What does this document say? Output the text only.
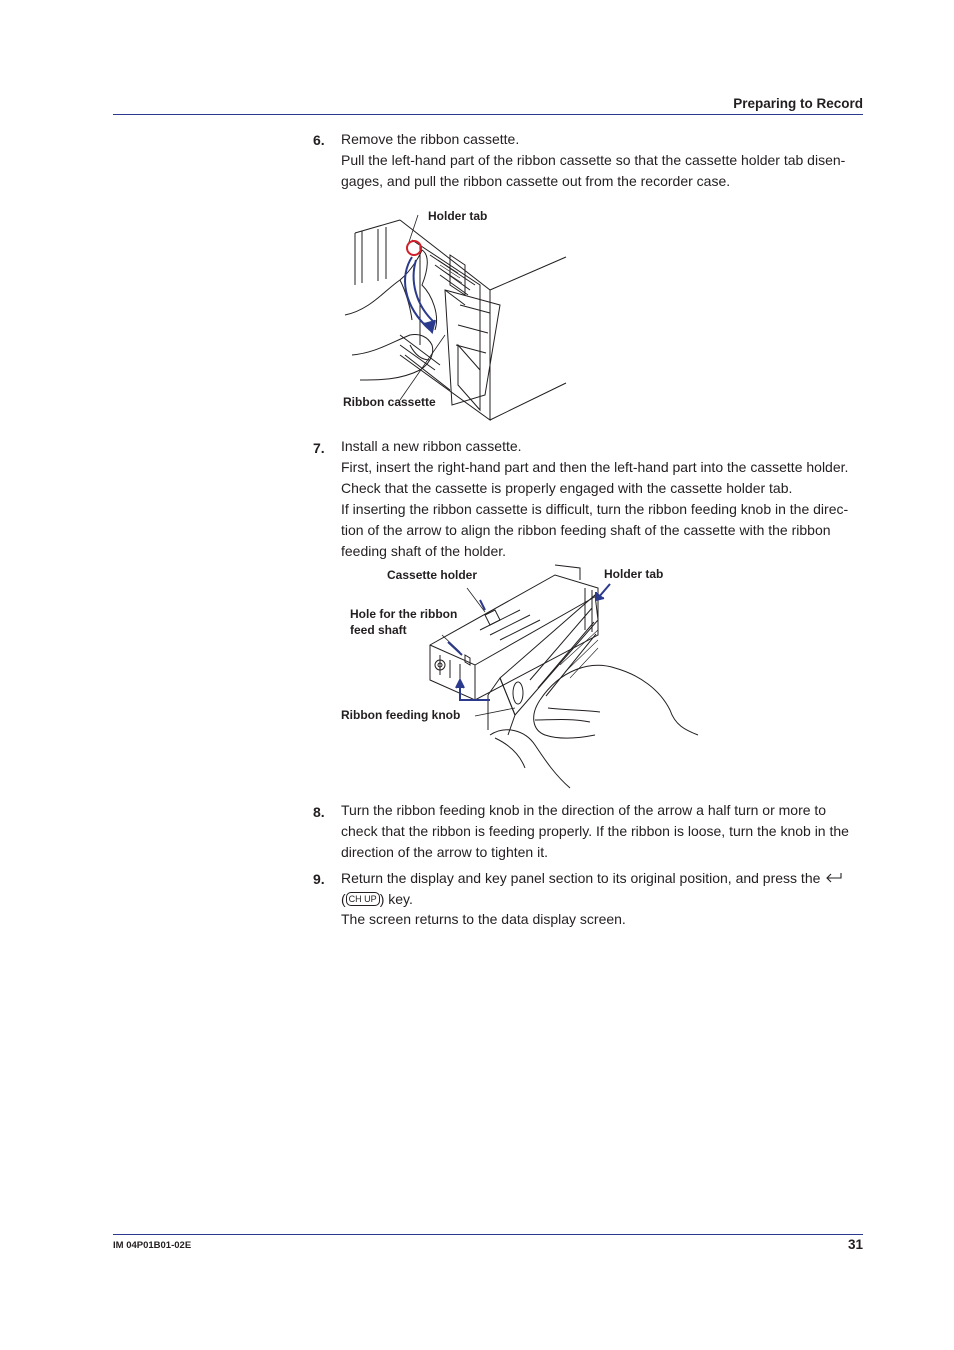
Preparing to Record
6. Remove the ribbon cassette.
Pull the left-hand part of the ribbon cassette so that the cassette holder tab disen-
gages, and pull the ribbon cassette out from the recorder case.
Holder tab
Ribbon cassette
7. Install a new ribbon cassette.
First, insert the right-hand part and then the left-hand part into the cassette holder.
Check that the cassette is properly engaged with the cassette holder tab.
If inserting the ribbon cassette is difficult, turn the ribbon feeding knob in the direc-
tion of the arrow to align the ribbon feeding shaft of the cassette with the ribbon
feeding shaft of the holder.
Cassette holder	Holder tab
Hole for the ribbon
feed shaft
Ribbon feeding knob
8. Turn the ribbon feeding knob in the direction of the arrow a half turn or more to
check that the ribbon is feeding properly. If the ribbon is loose, turn the knob in the
direction of the arrow to tighten it.
9. Return the display and key panel section to its original position, and press the
( CH UP ) key.
The screen returns to the data display screen.
IM 04P01B01-02E	31
